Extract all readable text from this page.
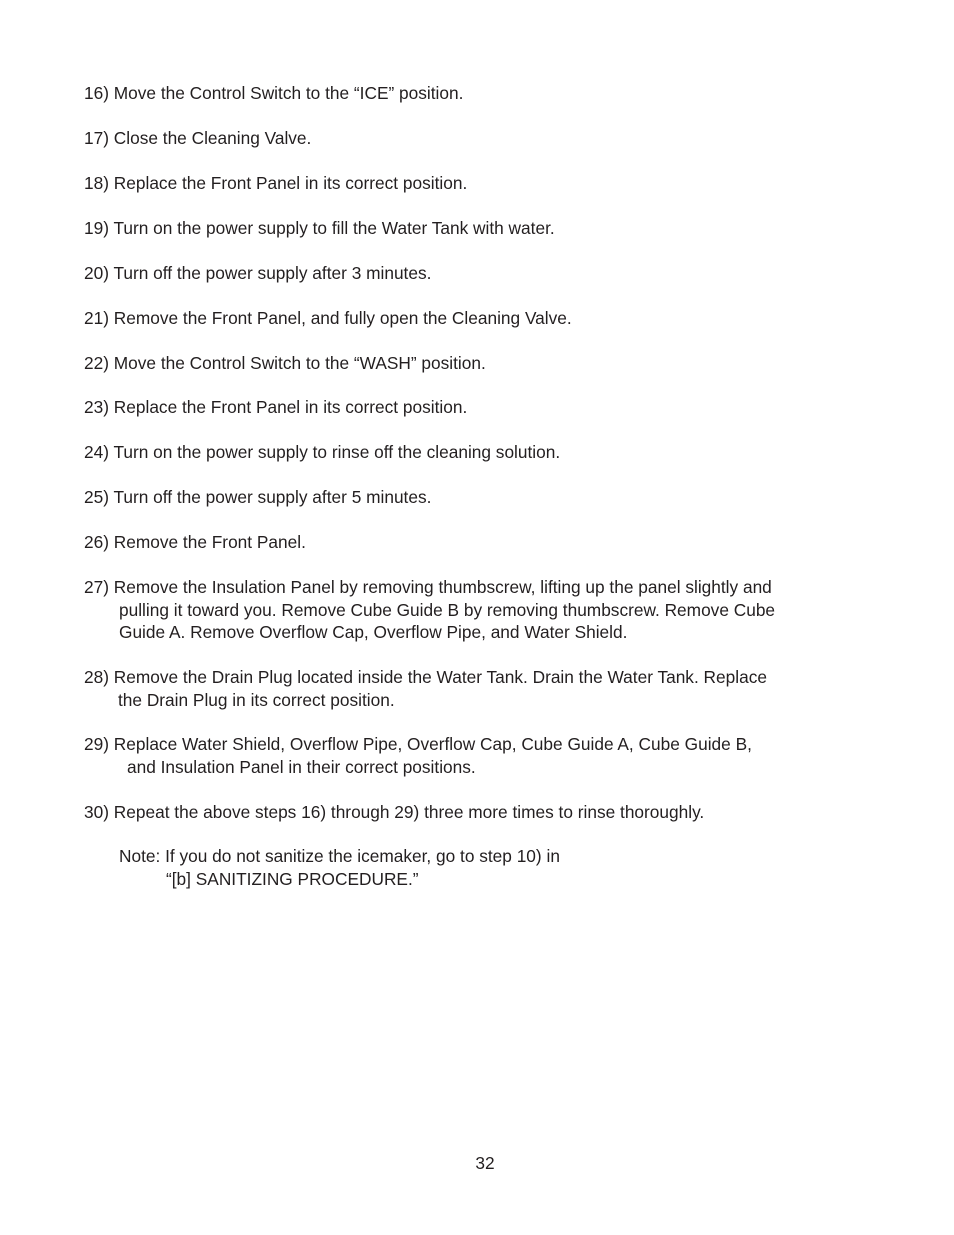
16) Move the Control Switch to the “ICE” position.
17) Close the Cleaning Valve.
18) Replace the Front Panel in its correct position.
19) Turn on the power supply to fill the Water Tank with water.
20) Turn off the power supply after 3 minutes.
21) Remove the Front Panel, and fully open the Cleaning Valve.
22) Move the Control Switch to the “WASH” position.
23) Replace the Front Panel in its correct position.
24) Turn on the power supply to rinse off the cleaning solution.
25) Turn off the power supply after 5 minutes.
26) Remove the Front Panel.
27) Remove the Insulation Panel by removing thumbscrew, lifting up the panel slightly and
pulling it toward you. Remove Cube Guide B by removing thumbscrew. Remove Cube
Guide A. Remove Overflow Cap, Overflow Pipe, and Water Shield.
28) Remove the Drain Plug located inside the Water Tank. Drain the Water Tank. Replace
the Drain Plug in its correct position.
29) Replace Water Shield, Overflow Pipe, Overflow Cap, Cube Guide A, Cube Guide B,
and Insulation Panel in their correct positions.
30) Repeat the above steps 16) through 29) three more times to rinse thoroughly.
Note: If you do not sanitize the icemaker, go to step 10) in
“[b] SANITIZING PROCEDURE.”
32
